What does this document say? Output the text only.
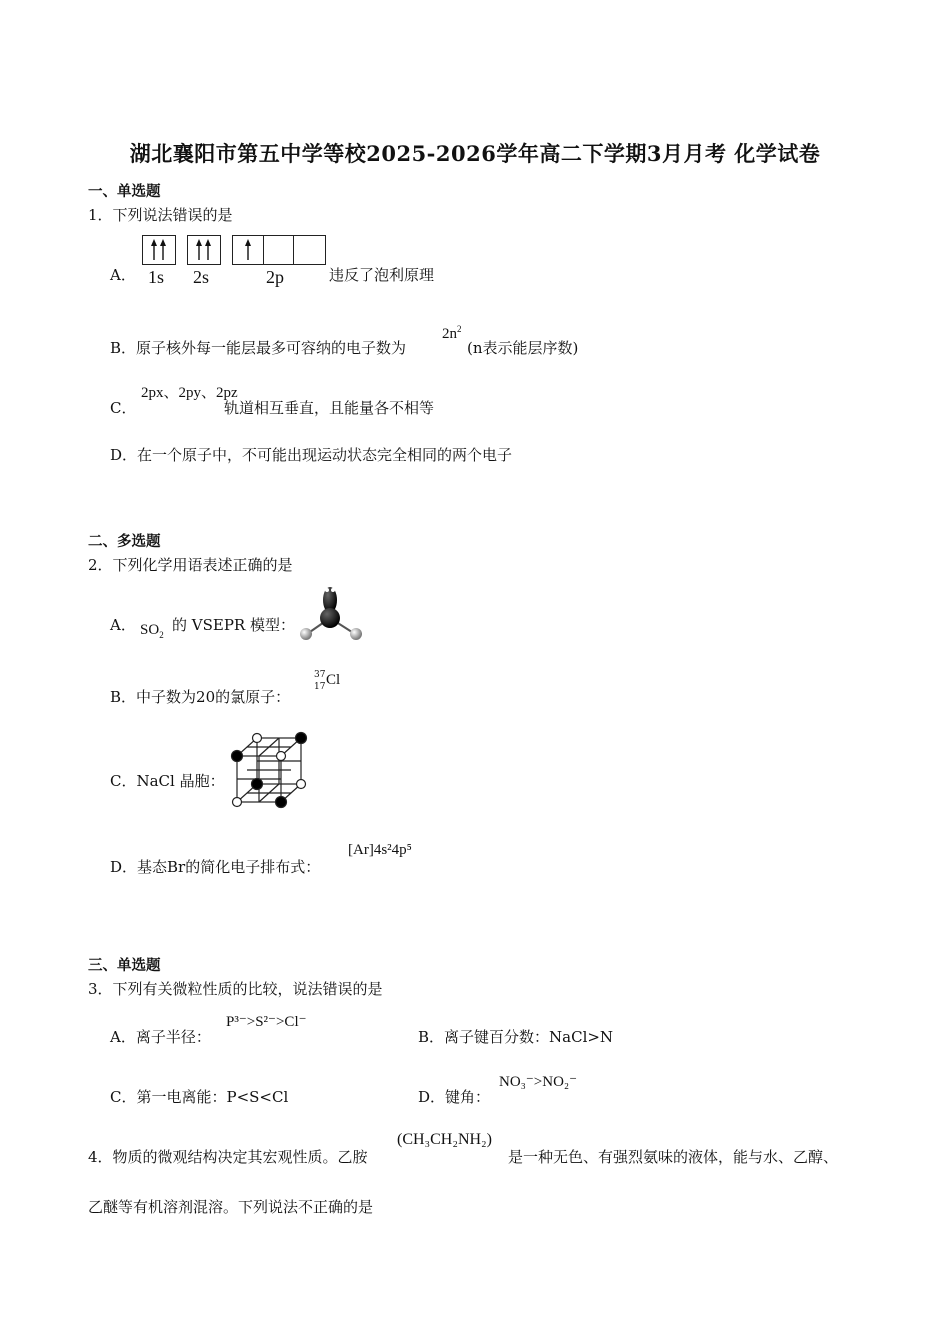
湖北襄阳市第五中学等校2025-2026学年高二下学期3月月考 化学试卷
一、单选题
1．下列说法错误的是
A． 1s 2s	2p	违反了泡利原理
B．原子核外每一能层最多可容纳的电子数为
$2n^2$
(n表示能层序数)
C．
2px、2py、2pz
轨道相互垂直，且能量各不相等
D．在一个原子中，不可能出现运动状态完全相同的两个电子
二、多选题
2．下列化学用语表述正确的是
A． $SO_2$
的 VSEPR 模型：
B．中子数为20的氯原子：
37
17 Cl
C．NaCl 晶胞：
D．基态Br的简化电子排布式：
[Ar]4s²4p⁵
三、单选题
3．下列有关微粒性质的比较，说法错误的是
A．离子半径：
P³⁻>S²⁻>Cl⁻
B．离子键百分数：NaCl>N
C．第一电离能：P<S<Cl	D．键角：
NO₃⁻>NO₂⁻
4．物质的微观结构决定其宏观性质。乙胺
(CH₃CH₂NH₂)
是一种无色、有强烈氨味的液体，能与水、乙醇、
乙醚等有机溶剂混溶。下列说法不正确的是
